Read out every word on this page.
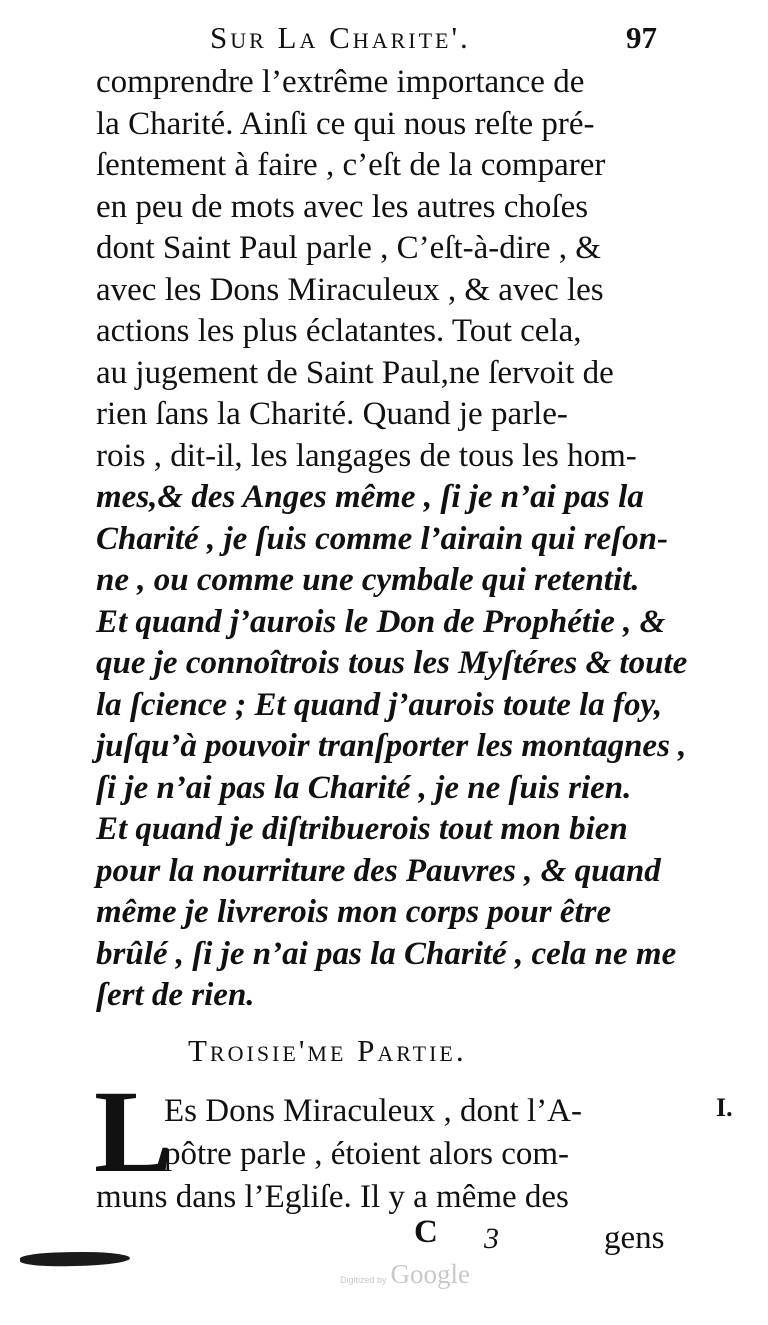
Sur La Charite'.	97
comprendre l’extrême importance de
la Charité. Ainſi ce qui nous reſte pré-
ſentement à faire , c’eſt de la comparer
en peu de mots avec les autres choſes
dont Saint Paul parle , C’eſt-à-dire , &
avec les Dons Miraculeux , & avec les
actions les plus éclatantes. Tout cela,
au jugement de Saint Paul,ne ſervoit de
rien ſans la Charité. Quand je parle-
rois , dit-il, les langages de tous les hom-
mes,& des Anges même , ſi je n’ai pas la
Charité , je ſuis comme l’airain qui reſon-
ne , ou comme une cymbale qui retentit.
Et quand j’aurois le Don de Prophétie , &
que je connoîtrois tous les Myſtéres & toute
la ſcience ; Et quand j’aurois toute la foy,
juſqu’à pouvoir tranſporter les montagnes ,
ſi je n’ai pas la Charité , je ne ſuis rien.
Et quand je diſtribuerois tout mon bien
pour la nourriture des Pauvres , & quand
même je livrerois mon corps pour être
brûlé , ſi je n’ai pas la Charité , cela ne me
ſert de rien.
Troisie'me Partie.
L
Es Dons Miraculeux , dont l’A-
pôtre parle , étoient alors com-
muns dans l’Egliſe. Il y a même des
I.
C 3	gens
Digitized by Google
